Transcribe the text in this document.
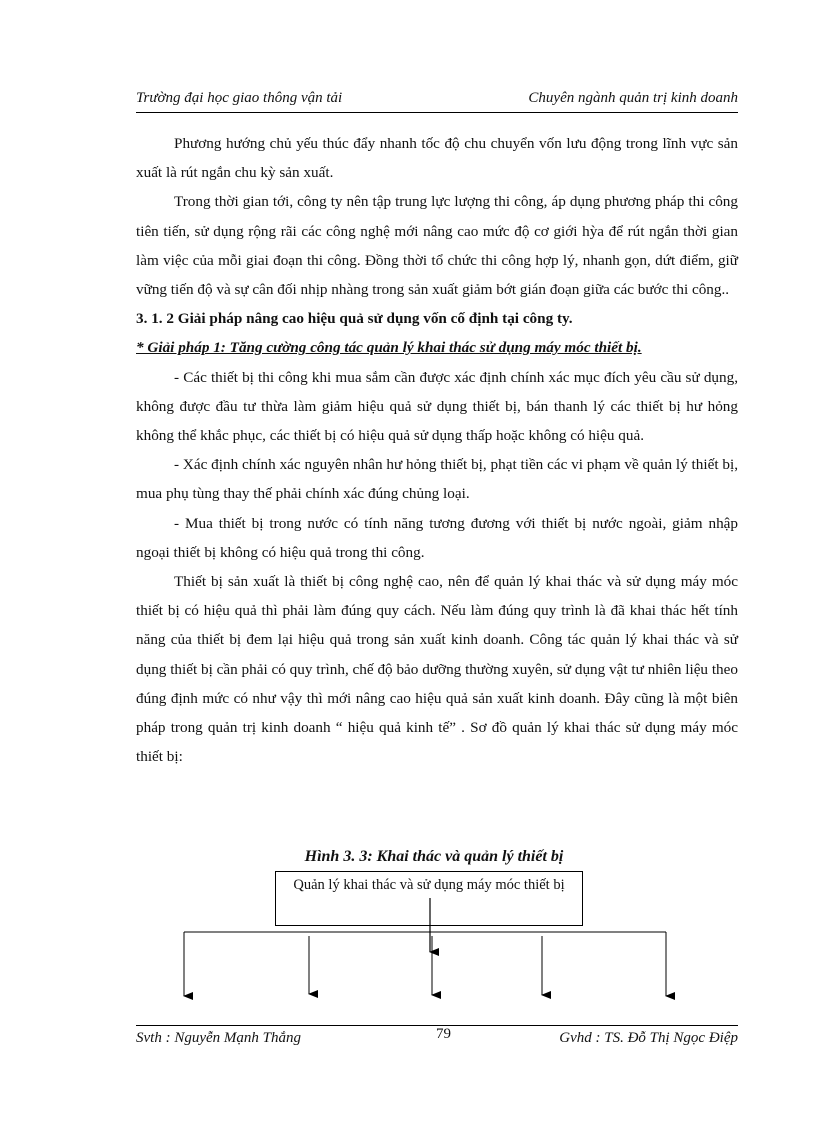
Trường đại học giao thông vận tải	Chuyên ngành quản trị kinh doanh

Phương hướng chủ yếu thúc đẩy nhanh tốc độ chu chuyển vốn lưu động trong lĩnh vực sản xuất là rút ngắn chu kỳ sản xuất.

Trong thời gian tới, công ty nên tập trung lực lượng thi công, áp dụng phương pháp thi công tiên tiến, sử dụng rộng rãi các công nghệ mới nâng cao mức độ cơ giới hỳa để rút ngắn thời gian làm việc của mỗi giai đoạn thi công. Đồng thời tổ chức thi công hợp lý, nhanh gọn, dứt điểm, giữ vững tiến độ và sự cân đối nhịp nhàng trong sản xuất giảm bớt gián đoạn giữa các bước thi công..

3. 1. 2 Giải pháp nâng cao hiệu quả sử dụng vốn cố định tại công ty.

* Giải pháp 1: Tăng cường công tác quản lý khai thác sử dụng máy móc thiết bị.

- Các thiết bị thi công khi mua sắm cần được xác định chính xác mục đích yêu cầu sử dụng, không được đầu tư thừa làm giảm hiệu quả sử dụng thiết bị, bán thanh lý các thiết bị hư hỏng không thể khắc phục, các thiết bị có hiệu quả sử dụng thấp hoặc không có hiệu quả.

- Xác định chính xác nguyên nhân hư hỏng thiết bị, phạt tiền các vi phạm về quản lý thiết bị, mua phụ tùng thay thế phải chính xác đúng chủng loại.

- Mua thiết bị trong nước có tính năng tương đương với thiết bị nước ngoài, giảm nhập ngoại thiết bị không có hiệu quả trong thi công.

Thiết bị sản xuất là thiết bị công nghệ cao, nên để quản lý khai thác và sử dụng máy móc thiết bị có hiệu quả thì phải làm đúng quy cách. Nếu làm đúng quy trình là đã khai thác hết tính năng của thiết bị đem lại hiệu quả trong sản xuất kinh doanh. Công tác quản lý khai thác và sử dụng thiết bị cần phải có quy trình, chế độ bảo dưỡng thường xuyên, sử dụng vật tư nhiên liệu theo đúng định mức có như vậy thì mới nâng cao hiệu quả sản xuất kinh doanh. Đây cũng là một biên pháp trong quản trị kinh doanh “ hiệu quả kinh tế” . Sơ đồ quản lý khai thác sử dụng máy móc thiết bị:

Hình 3. 3: Khai thác và quản lý thiết bị
Quản lý khai thác và sử dụng máy móc thiết bị
Svth : Nguyễn Mạnh Thắng	79	Gvhd : TS. Đỗ Thị Ngọc Điệp
